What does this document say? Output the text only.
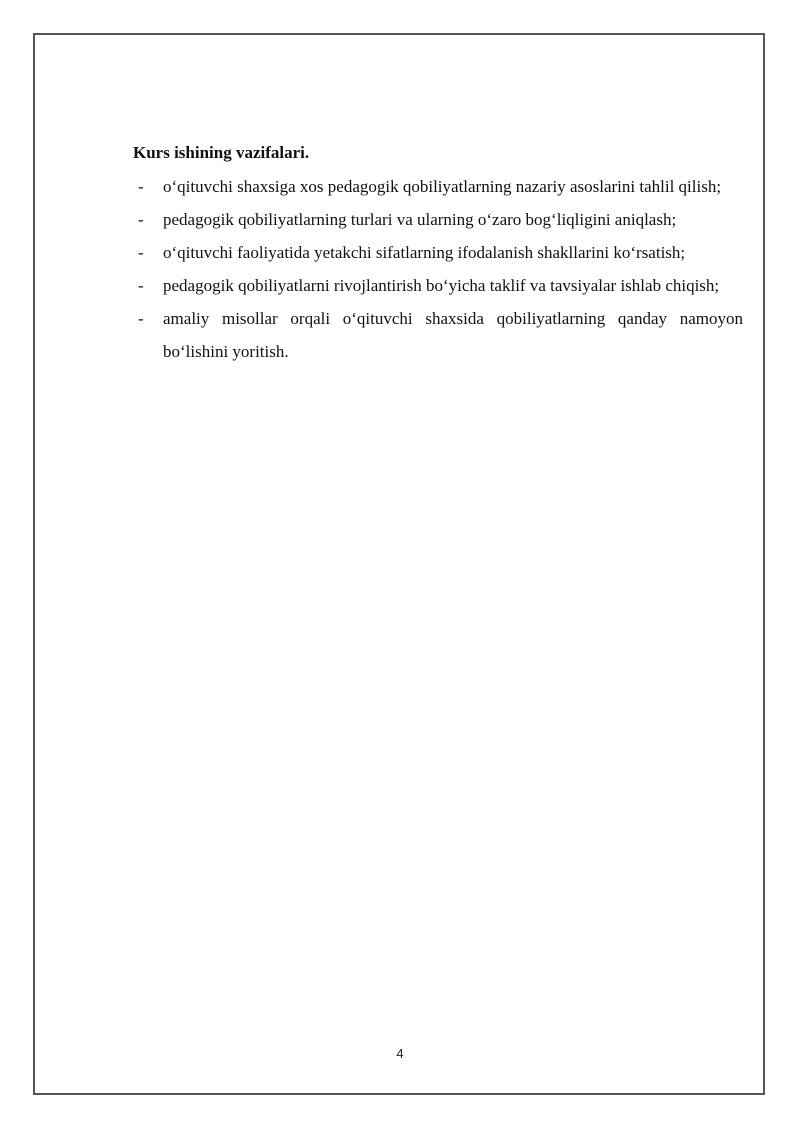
Kurs ishining vazifalari.

-	o‘qituvchi shaxsiga xos pedagogik qobiliyatlarning nazariy asoslarini tahlil qilish;
-	pedagogik qobiliyatlarning turlari va ularning o‘zaro bog‘liqligini aniqlash;
-	o‘qituvchi faoliyatida yetakchi sifatlarning ifodalanish shakllarini ko‘rsatish;
-	pedagogik qobiliyatlarni rivojlantirish bo‘yicha taklif va tavsiyalar ishlab chiqish;
-	amaliy misollar orqali o‘qituvchi shaxsida qobiliyatlarning qanday namoyon bo‘lishini yoritish.
4
